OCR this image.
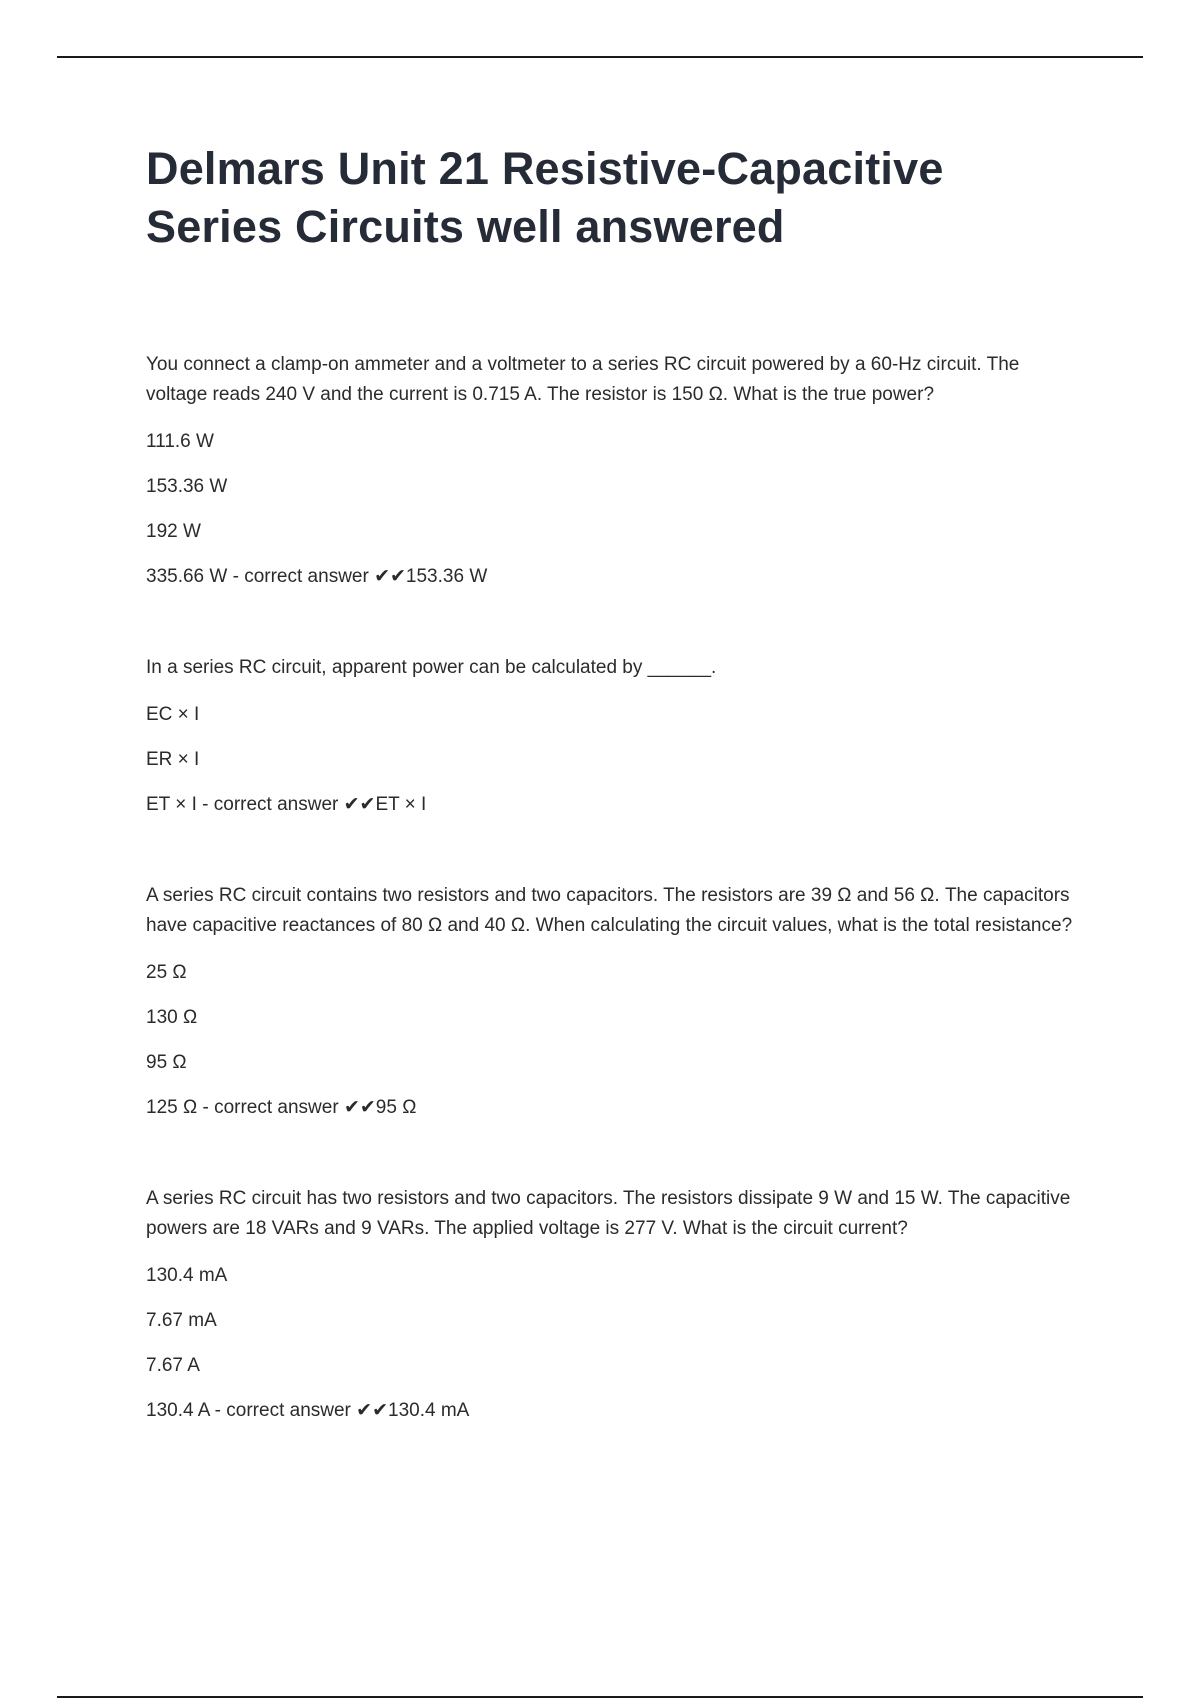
Delmars Unit 21 Resistive-Capacitive Series Circuits well answered

You connect a clamp-on ammeter and a voltmeter to a series RC circuit powered by a 60-Hz circuit. The voltage reads 240 V and the current is 0.715 A. The resistor is 150 Ω. What is the true power?

111.6 W

153.36 W

192 W

335.66 W - correct answer ✔✔153.36 W

In a series RC circuit, apparent power can be calculated by ______.

EC × I

ER × I

ET × I - correct answer ✔✔ET × I

A series RC circuit contains two resistors and two capacitors. The resistors are 39 Ω and 56 Ω. The capacitors have capacitive reactances of 80 Ω and 40 Ω. When calculating the circuit values, what is the total resistance?

25 Ω

130 Ω

95 Ω

125 Ω - correct answer ✔✔95 Ω

A series RC circuit has two resistors and two capacitors. The resistors dissipate 9 W and 15 W. The capacitive powers are 18 VARs and 9 VARs. The applied voltage is 277 V. What is the circuit current?

130.4 mA

7.67 mA

7.67 A

130.4 A - correct answer ✔✔130.4 mA
